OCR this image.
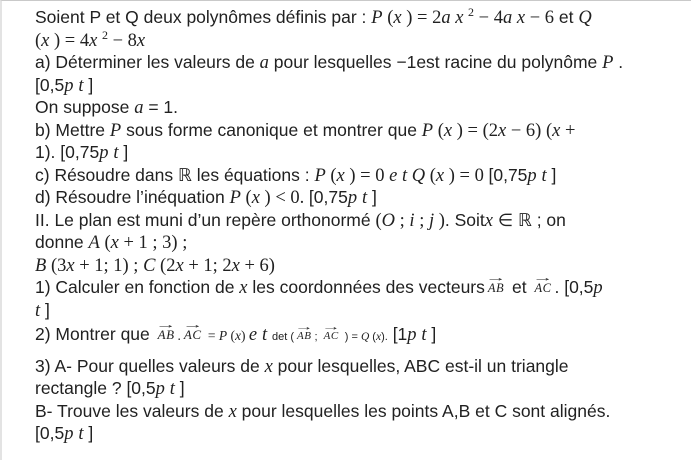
Soient P et Q deux polynômes définis par : P (x ) = 2a x $^2$ − 4a x − 6 et Q
(x ) = 4x $^2$ − 8x
a) Déterminer les valeurs de a pour lesquelles −1est racine du polynôme P .
[0,5p t ]
On suppose a = 1.
b) Mettre P sous forme canonique et montrer que P (x ) = (2x − 6) (x +
1). [0,75p t ]
c) Résoudre dans ℝ les équations : P (x ) = 0 e t Q (x ) = 0 [0,75p t ]
d) Résoudre l’inéquation P (x ) < 0. [0,75p t ]
II. Le plan est muni d’un repère orthonormé (O ; i ; j ). Soitx ∈ ℝ ; on
donne A (x + 1 ; 3) ;
B (3x + 1; 1) ; C (2x + 1; 2x + 6)
1) Calculer en fonction de x les coordonnées des vecteurs → AB et → AC . [0,5p
t ]
2) Montrer que → AB . → AC = P (x) e t det ( → AB ; → AC ) = Q (x). [1p t ]
3) A- Pour quelles valeurs de x pour lesquelles, ABC est-il un triangle
rectangle ? [0,5p t ]
B- Trouve les valeurs de x pour lesquelles les points A,B et C sont alignés.
[0,5p t ]
